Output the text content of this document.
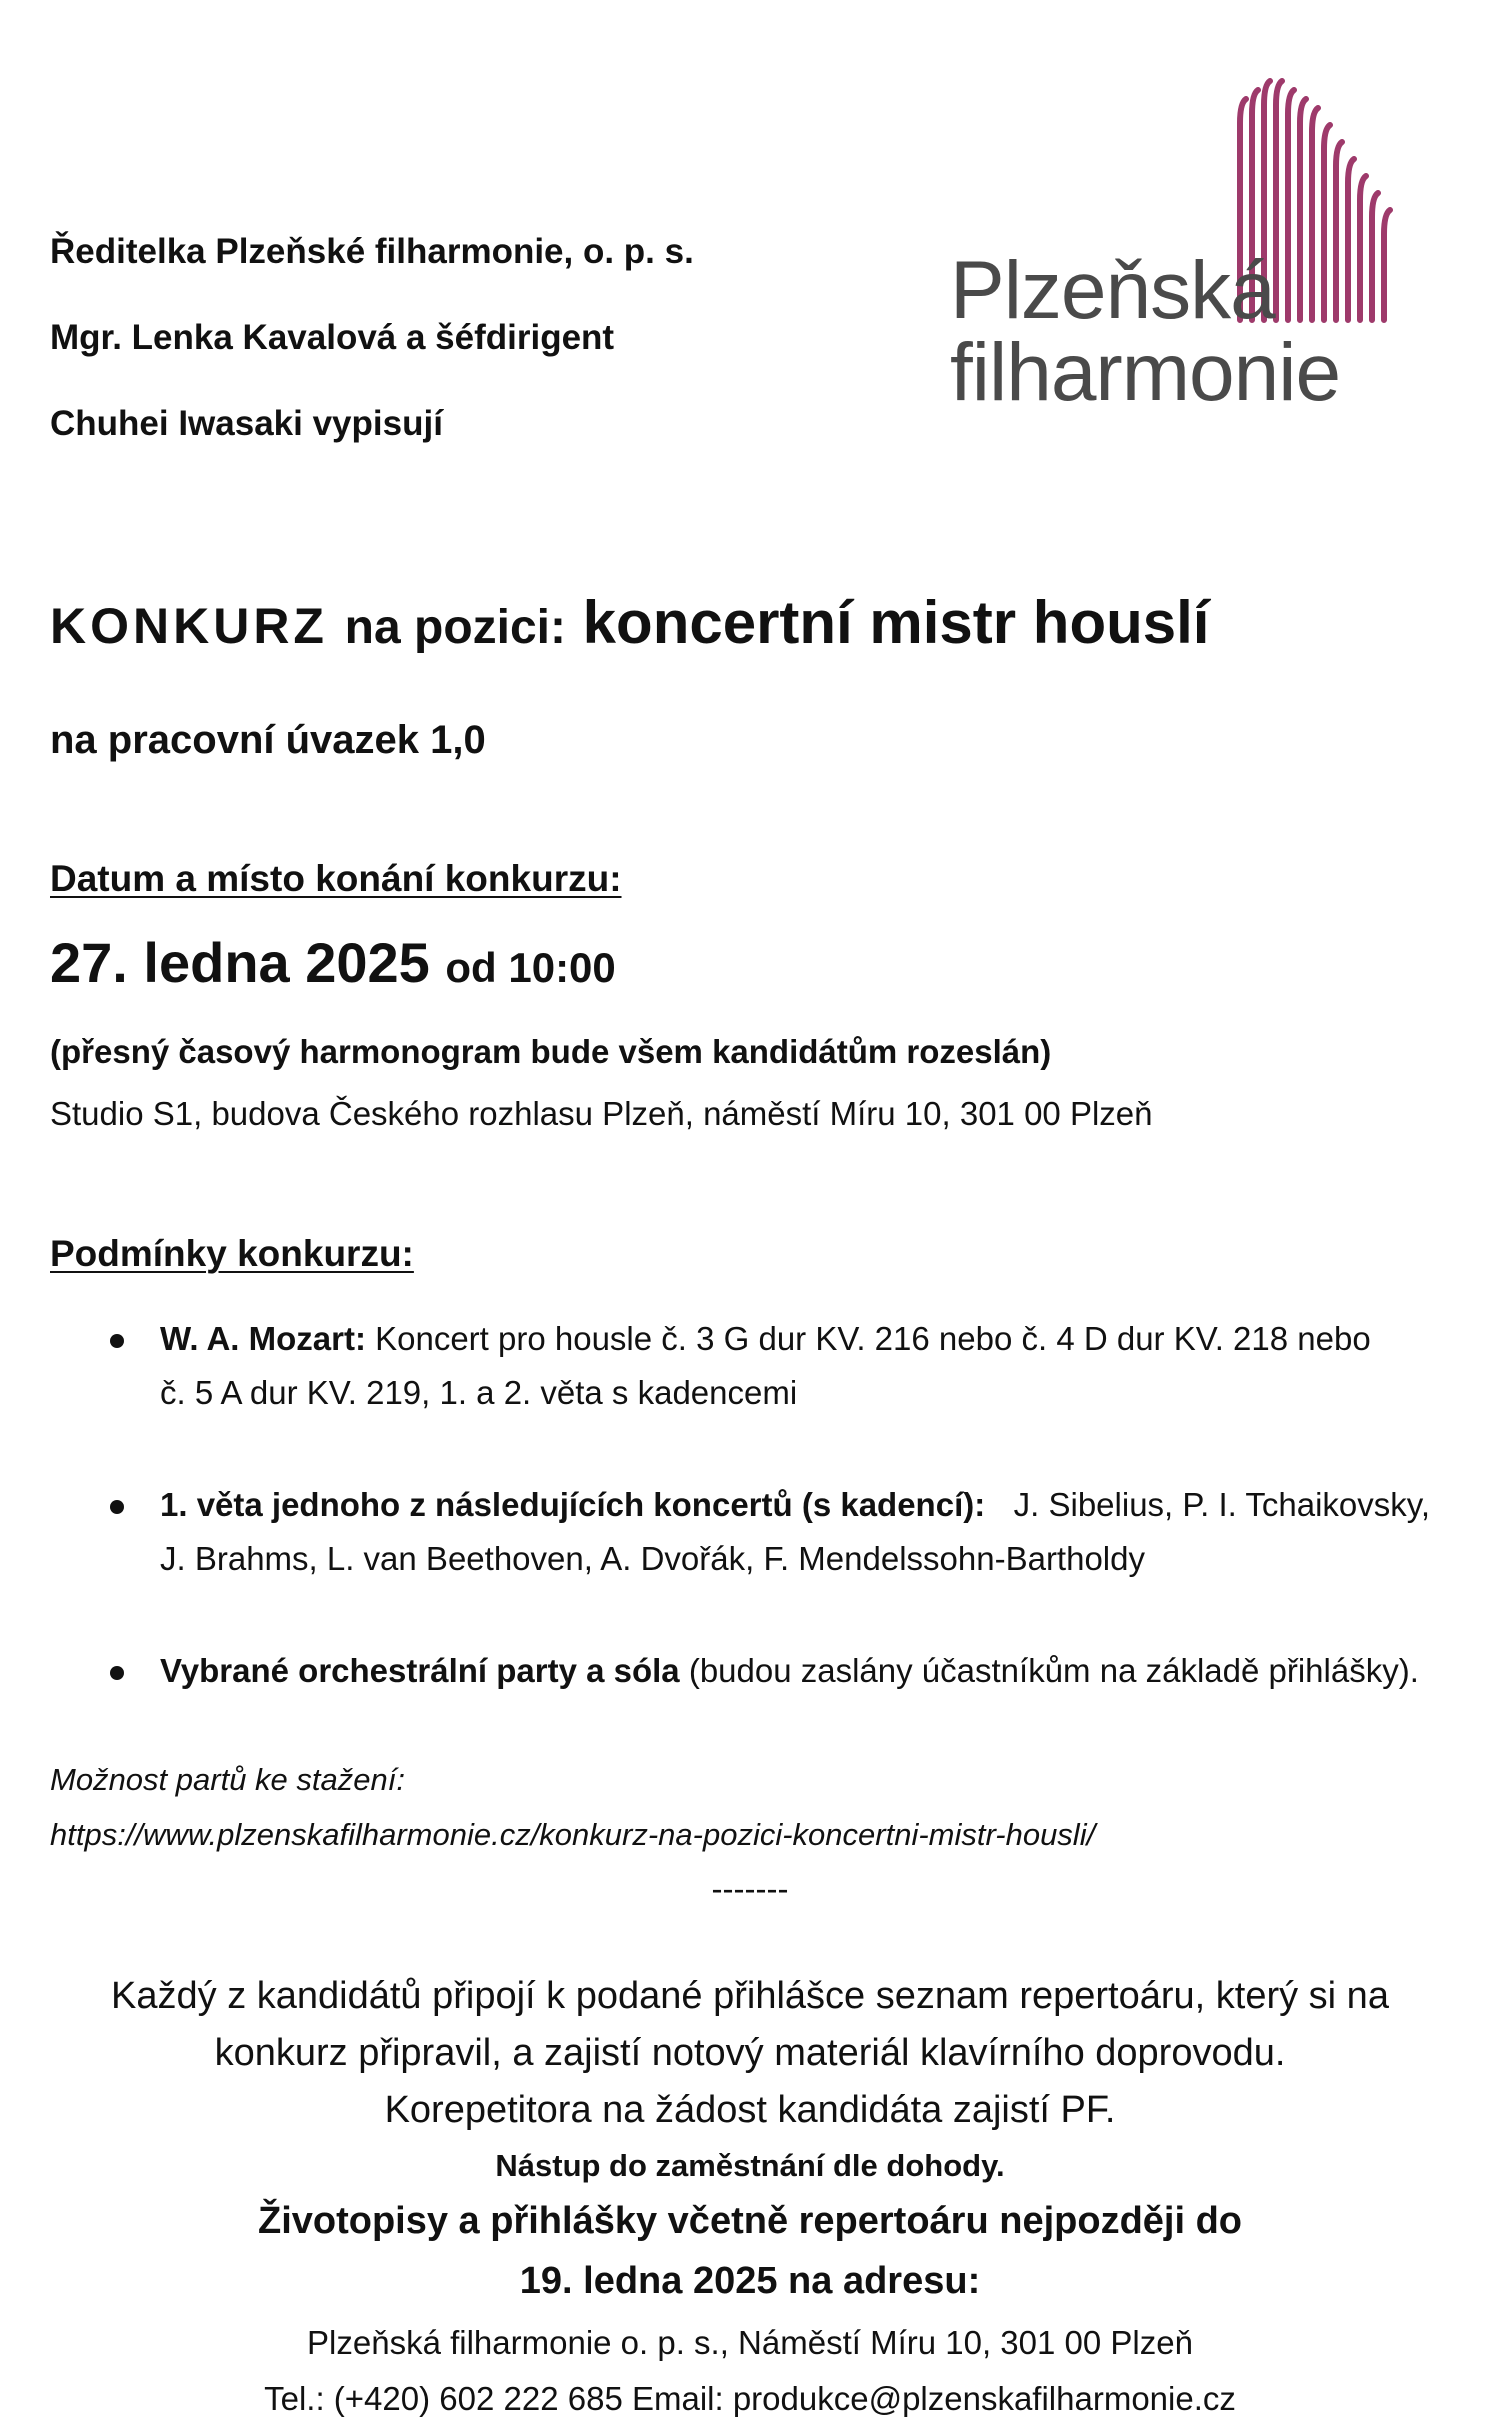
Ředitelka Plzeňské filharmonie, o. p. s.
Mgr. Lenka Kavalová a šéfdirigent
Chuhei Iwasaki vypisují
Plzeňská
filharmonie
KONKURZ na pozici: koncertní mistr houslí
na pracovní úvazek 1,0
Datum a místo konání konkurzu:
27. ledna 2025 od 10:00
(přesný časový harmonogram bude všem kandidátům rozeslán)
Studio S1, budova Českého rozhlasu Plzeň, náměstí Míru 10, 301 00 Plzeň
Podmínky konkurzu:
W. A. Mozart: Koncert pro housle č. 3 G dur KV. 216 nebo č. 4 D dur KV. 218 nebo
č. 5 A dur KV. 219, 1. a 2. věta s kadencemi
1. věta jednoho z následujících koncertů (s kadencí): J. Sibelius, P. I. Tchaikovsky,
J. Brahms, L. van Beethoven, A. Dvořák, F. Mendelssohn-Bartholdy
Vybrané orchestrální party a sóla (budou zaslány účastníkům na základě přihlášky).
Možnost partů ke stažení:
https://www.plzenskafilharmonie.cz/konkurz-na-pozici-koncertni-mistr-housli/
-------
Každý z kandidátů připojí k podané přihlášce seznam repertoáru, který si na
konkurz připravil, a zajistí notový materiál klavírního doprovodu.
Korepetitora na žádost kandidáta zajistí PF.
Nástup do zaměstnání dle dohody.
Životopisy a přihlášky včetně repertoáru nejpozději do
19. ledna 2025 na adresu:
Plzeňská filharmonie o. p. s., Náměstí Míru 10, 301 00 Plzeň
Tel.: (+420) 602 222 685 Email: produkce@plzenskafilharmonie.cz
